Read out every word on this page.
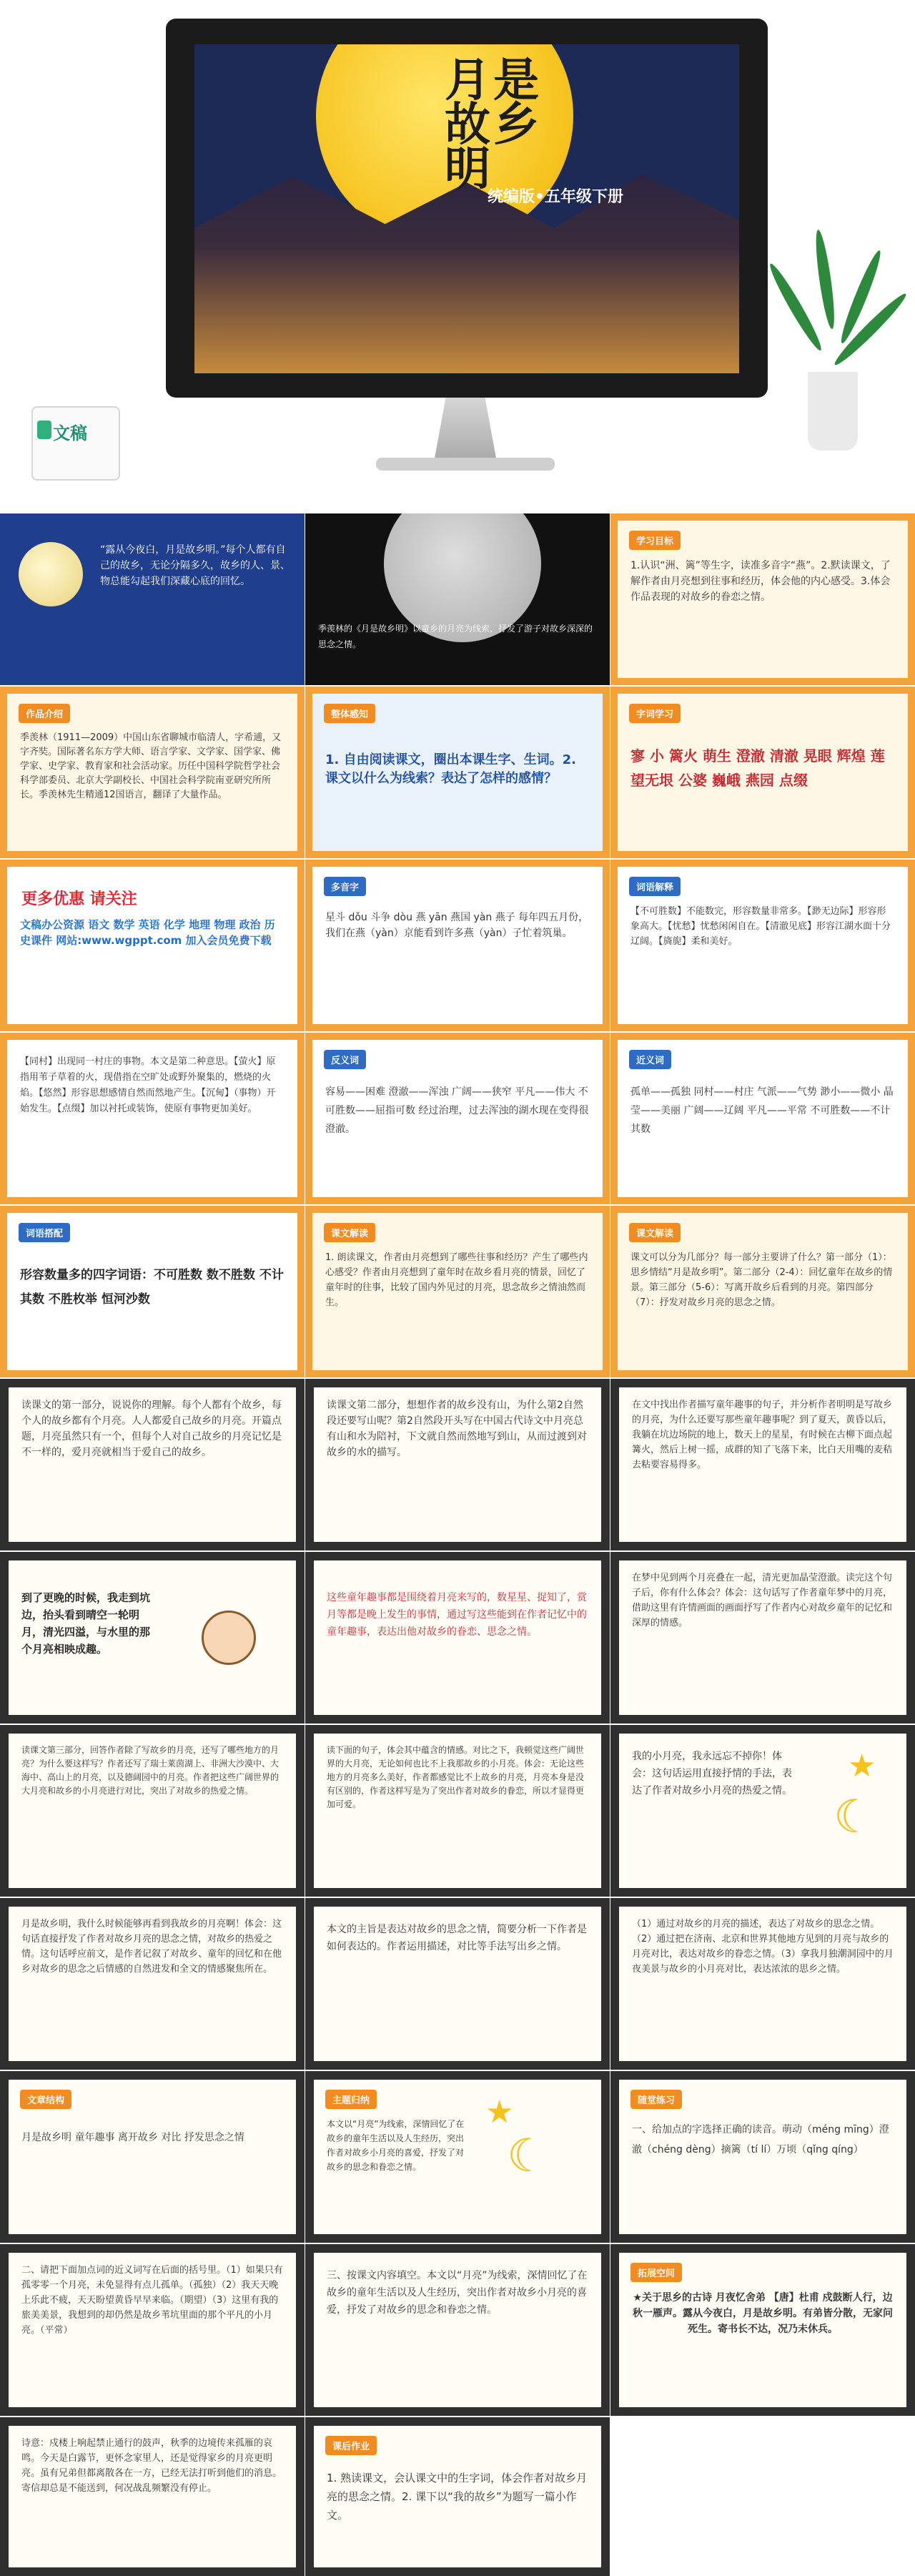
月是故乡明
统编版•五年级下册
文稿
“露从今夜白，月是故乡明。”每个人都有自己的故乡，无论分隔多久，故乡的人、景、物总能勾起我们深藏心底的回忆。
季羡林的《月是故乡明》以童乡的月亮为线索，抒发了游子对故乡深深的思念之情。
学习目标
1.认识“洲、篱”等生字，读准多音字“燕”。2.默读课文，了解作者由月亮想到往事和经历，体会他的内心感受。3.体会作品表现的对故乡的眷恋之情。
作品介绍
季羡林（1911—2009）中国山东省聊城市临清人，字希逋，又字齐奘。国际著名东方学大师、语言学家、文学家、国学家、佛学家、史学家、教育家和社会活动家。历任中国科学院哲学社会科学部委员、北京大学副校长、中国社会科学院南亚研究所所长。季羡林先生精通12国语言，翻译了大量作品。
整体感知
1. 自由阅读课文，圈出本课生字、生词。2. 课文以什么为线索？表达了怎样的感情？
字词学习
寥 小 篱火 萌生 澄澈 清澈 晃眼 辉煌 莲 望无垠 公婆 巍峨 燕园 点缀
更多优惠 请关注
文稿办公资源 语文 数学 英语 化学 地理 物理 政治 历史课件 网站:www.wgppt.com 加入会员免费下载
多音字
星斗 dǒu 斗争 dòu 燕 yān 燕国 yàn 燕子 每年四五月份，我们在燕（yàn）京能看到许多燕（yàn）子忙着筑巢。
词语解释
【不可胜数】不能数完，形容数量非常多。【渺无边际】形容形象高大。【忧愁】忧愁闲闲自在。【清澈见底】形容江湖水面十分辽阔。【旖旎】柔和美好。
【同村】出现同一村庄的事物。本文是第二种意思。【萤火】原指用苇子草着的火，现借指在空旷处或野外聚集的，燃烧的火焰。【悠然】形容思想感情自然而然地产生。【沉甸】（事物）开始发生。【点缀】加以衬托或装饰，使原有事物更加美好。
反义词
容易——困难 澄澈——浑浊 广阔——狭窄 平凡——伟大 不可胜数——屈指可数 经过治理，过去浑浊的湖水现在变得很澄澈。
近义词
孤单——孤独 同村——村庄 气派——气势 渺小——微小 晶莹——美丽 广阔——辽阔 平凡——平常 不可胜数——不计其数
词语搭配
形容数量多的四字词语：不可胜数 数不胜数 不计其数 不胜枚举 恒河沙数
课文解读
1. 朗读课文，作者由月亮想到了哪些往事和经历？产生了哪些内心感受？作者由月亮想到了童年时在故乡看月亮的情景，回忆了童年时的往事，比较了国内外见过的月亮，思念故乡之情油然而生。
课文解读
课文可以分为几部分？每一部分主要讲了什么？第一部分（1）：思乡情结“月是故乡明”。第二部分（2-4）：回忆童年在故乡的情景。第三部分（5-6）：写离开故乡后看到的月亮。第四部分（7）：抒发对故乡月亮的思念之情。
读课文的第一部分，说说你的理解。每个人都有个故乡，每个人的故乡都有个月亮。人人都爱自己故乡的月亮。开篇点题，月亮虽然只有一个，但每个人对自己故乡的月亮记忆是不一样的，爱月亮就相当于爱自己的故乡。
读课文第二部分，想想作者的故乡没有山，为什么第2自然段还要写山呢？第2自然段开头写在中国古代诗文中月亮总有山和水为陪衬，下文就自然而然地写到山，从而过渡到对故乡的水的描写。
在文中找出作者描写童年趣事的句子，并分析作者明明是写故乡的月亮，为什么还要写那些童年趣事呢？到了夏天，黄昏以后，我躺在坑边场院的地上，数天上的星星，有时候在古柳下面点起篝火，然后上树一摇，成群的知了飞落下来，比白天用嘴的麦秸去粘要容易得多。
到了更晚的时候，我走到坑边，抬头看到晴空一轮明月，清光四溢，与水里的那个月亮相映成趣。
这些童年趣事都是围绕着月亮来写的，数星星、捉知了，赏月等都是晚上发生的事情，通过写这些能到在作者记忆中的童年趣事，表达出他对故乡的眷恋、思念之情。
在梦中见到两个月亮叠在一起，清光更加晶莹澄澈。读完这个句子后，你有什么体会？体会：这句话写了作者童年梦中的月亮，借助这里有许情画面的画面抒写了作者内心对故乡童年的记忆和深厚的情感。
读课文第三部分，回答作者除了写故乡的月亮，还写了哪些地方的月亮？为什么要这样写？作者还写了瑞士莱茵湖上、非洲大沙漠中、大海中、高山上的月亮，以及德阔园中的月亮。作者把这些广阔世界的大月亮和故乡的小月亮进行对比，突出了对故乡的热爱之情。
读下面的句子，体会其中蕴含的情感。对比之下，我顿觉这些广阔世界的大月亮，无论如何也比不上我那故乡的小月亮。体会：无论这些地方的月亮多么美好，作者都感觉比不上故乡的月亮，月亮本身是没有区别的，作者这样写是为了突出作者对故乡的眷恋，所以才显得更加可爱。
我的小月亮，我永远忘不掉你！体会：这句话运用直接抒情的手法，表达了作者对故乡小月亮的热爱之情。 ☾
★
月是故乡明，我什么时候能够再看到我故乡的月亮啊！体会：这句话直接抒发了作者对故乡月亮的思念之情，对故乡的热爱之情。这句话呼应前文，是作者记叙了对故乡、童年的回忆和在他乡对故乡的思念之后情感的自然进发和全文的情感聚焦所在。
本文的主旨是表达对故乡的思念之情，简要分析一下作者是如何表达的。作者运用描述，对比等手法写出乡之情。
（1）通过对故乡的月亮的描述，表达了对故乡的思念之情。（2）通过把在济南、北京和世界其他地方见到的月亮与故乡的月亮对比，表达对故乡的眷恋之情。（3）拿我月独潮洞园中的月夜美景与故乡的小月亮对比，表达浓浓的思乡之情。
文章结构
月是故乡明 童年趣事 离开故乡 对比 抒发思念之情
主题归纳
本文以“月亮”为线索，深情回忆了在故乡的童年生活以及人生经历，突出作者对故乡小月亮的喜爱，抒发了对故乡的思念和眷恋之情。	☾
★	随堂练习
一、给加点的字选择正确的读音。萌动（méng mīng）澄澈（chéng dèng）摘篱（tí lí）万顷（qǐng qíng）
二、请把下面加点词的近义词写在后面的括号里。（1）如果只有孤零零一个月亮，未免显得有点儿孤单。（孤独）（2）我天天晚上乐此不疲，天天盼望黄昏早早来临。（期望）（3）这里有我的旅美美景，我想到的却仍然是故乡苇坑里面的那个平凡的小月亮。（平常）
三、按课文内容填空。本文以“月亮”为线索，深情回忆了在故乡的童年生活以及人生经历，突出作者对故乡小月亮的喜爱，抒发了对故乡的思念和眷恋之情。
拓展空间
★关于思乡的古诗 月夜忆舍弟 【唐】杜甫 戍鼓断人行，边秋一雁声。露从今夜白，月是故乡明。有弟皆分散，无家问死生。寄书长不达，况乃未休兵。
诗意：戍楼上响起禁止通行的鼓声，秋季的边境传来孤雁的哀鸣。今天是白露节，更怀念家里人，还是觉得家乡的月亮更明亮。虽有兄弟但都离散各在一方，已经无法打听到他们的消息。寄信却总是不能送到，何况战乱频繁没有停止。
课后作业
1. 熟读课文，会认课文中的生字词，体会作者对故乡月亮的思念之情。2. 课下以“我的故乡”为题写一篇小作文。
